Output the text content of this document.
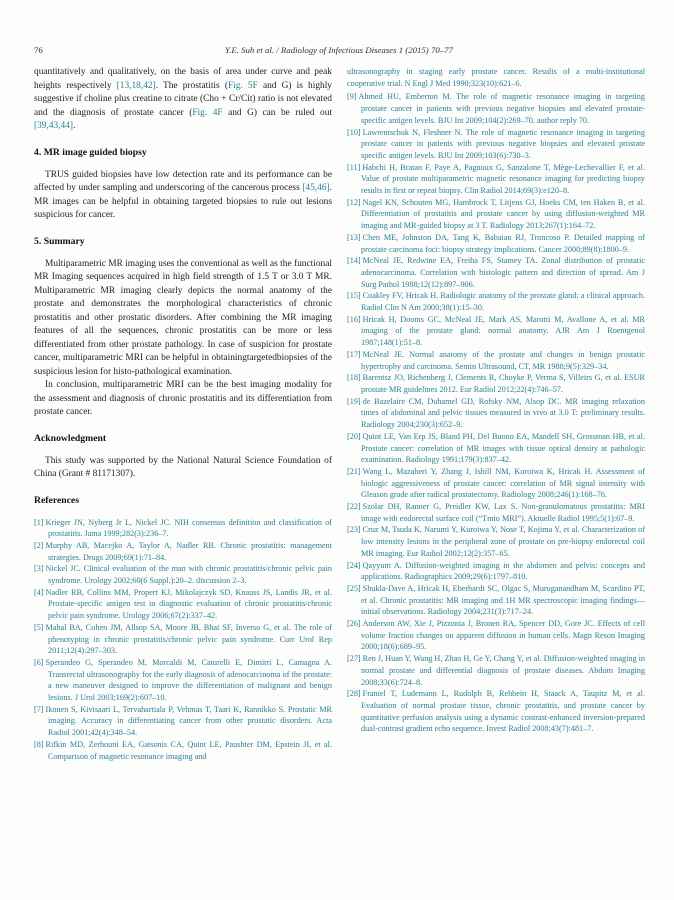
76	Y.E. Suh et al. / Radiology of Infectious Diseases 1 (2015) 70–77

quantitatively and qualitatively, on the basis of area under curve and peak heights respectively [13,18,42]. The prostatitis (Fig. 5F and G) is highly suggestive if choline plus creatine to citrate (Cho + Cr/Cit) ratio is not elevated and the diagnosis of prostate cancer (Fig. 4F and G) can be ruled out [39,43,44].

4. MR image guided biopsy

TRUS guided biopsies have low detection rate and its performance can be affected by under sampling and underscoring of the cancerous process [45,46]. MR images can be helpful in obtaining targeted biopsies to rule out lesions suspicious for cancer.

5. Summary

Multiparametric MR imaging uses the conventional as well as the functional MR Imaging sequences acquired in high field strength of 1.5 T or 3.0 T MR. Multiparametric MR imaging clearly depicts the normal anatomy of the prostate and demonstrates the morphological characteristics of chronic prostatitis and other prostatic disorders. After combining the MR imaging features of all the sequences, chronic prostatitis can be more or less differentiated from other prostate pathology. In case of suspicion for prostate cancer, multiparametric MRI can be helpful in obtainingtargetedbiopsies of the suspicious lesion for histo-pathological examination.

In conclusion, multiparametric MRI can be the best imaging modality for the assessment and diagnosis of chronic prostatitis and its differentiation from prostate cancer.

Acknowledgment

This study was supported by the National Natural Science Foundation of China (Grant # 81171307).

References

[1] Krieger JN, Nyberg Jr L, Nickel JC. NIH consensus definition and classification of prostatitis. Jama 1999;282(3):236–7.

[2] Murphy AB, Macejko A, Taylor A, Nadler RB. Chronic prostatitis: management strategies. Drugs 2009;69(1):71–84.

[3] Nickel JC. Clinical evaluation of the man with chronic prostatitis/chronic pelvic pain syndrome. Urology 2002;60(6 Suppl.):20–2. discussion 2–3.

[4] Nadler RB, Collins MM, Propert KJ, Mikolajczyk SD, Knauss JS, Landis JR, et al. Prostate-specific antigen test in diagnostic evaluation of chronic prostatitis/chronic pelvic pain syndrome. Urology 2006;67(2):337–42.

[5] Mahal BA, Cohen JM, Allsop SA, Moore JB, Bhai SF, Inverso G, et al. The role of phenotyping in chronic prostatitis/chronic pelvic pain syndrome. Curr Urol Rep 2011;12(4):297–303.

[6] Sperandeo G, Sperandeo M, Morcaldi M, Caturelli E, Dimitri L, Camagna A. Transrectal ultrasonography for the early diagnosis of adenocarcinoma of the prostate: a new maneuver designed to improve the differentiation of malignant and benign lesions. J Urol 2003;169(2):607–10.

[7] Ikonen S, Kivisaari L, Tervahartiala P, Vehmas T, Taari K, Rannikko S. Prostatic MR imaging. Accuracy in differentiating cancer from other prostatic disorders. Acta Radiol 2001;42(4):348–54.

[8] Rifkin MD, Zerhouni EA, Gatsonis CA, Quint LE, Paushter DM, Epstein JI, et al. Comparison of magnetic resonance imaging and

ultrasonography in staging early prostate cancer. Results of a multi-institutional cooperative trial. N Engl J Med 1990;323(10):621–6.

[9] Ahmed HU, Emberton M. The role of magnetic resonance imaging in targeting prostate cancer in patients with previous negative biopsies and elevated prostate-specific antigen levels. BJU Int 2009;104(2):269–70. author reply 70.

[10] Lawrentschuk N, Fleshner N. The role of magnetic resonance imaging in targeting prostate cancer in patients with previous negative biopsies and elevated prostate specific antigen levels. BJU Int 2009;103(6):730–3.

[11] Habchi H, Bratan F, Paye A, Pagnoux G, Sanzalone T, Mège-Lechevallier F, et al. Value of prostate multiparametric magnetic resonance imaging for predicting biopsy results in first or repeat biopsy. Clin Radiol 2014;69(3):e120–8.

[12] Nagel KN, Schouten MG, Hambrock T, Litjens GJ, Hoeks CM, ten Haken B, et al. Differentiation of prostatitis and prostate cancer by using diffusion-weighted MR imaging and MR-guided biopsy at 3 T. Radiology 2013;267(1):164–72.

[13] Chen ME, Johnston DA, Tang K, Babaian RJ, Troncoso P. Detailed mapping of prostate carcinoma foci: biopsy strategy implications. Cancer 2000;89(8):1800–9.

[14] McNeal JE, Redwine EA, Freiha FS, Stamey TA. Zonal distribution of prostatic adenocarcinoma. Correlation with histologic pattern and direction of spread. Am J Surg Pathol 1988;12(12):897–906.

[15] Coakley FV, Hricak H. Radiologic anatomy of the prostate gland: a clinical approach. Radiol Clin N Am 2000;38(1):15–30.

[16] Hricak H, Dooms GC, McNeal JE, Mark AS, Marotti M, Avallone A, et al. MR imaging of the prostate gland: normal anatomy. AJR Am J Roentgenol 1987;148(1):51–8.

[17] McNeal JE. Normal anatomy of the prostate and changes in benign prostatic hypertrophy and carcinoma. Semin Ultrasound, CT, MR 1988;9(5):329–34.

[18] Barentsz JO, Richenberg J, Clements R, Choyke P, Verma S, Villeirs G, et al. ESUR prostate MR guidelines 2012. Eur Radiol 2012;22(4):746–57.

[19] de Bazelaire CM, Duhamel GD, Rofsky NM, Alsop DC. MR imaging relaxation times of abdominal and pelvic tissues measured in vivo at 3.0 T: preliminary results. Radiology 2004;230(3):652–9.

[20] Quint LE, Van Erp JS, Bland PH, Del Buono EA, Mandell SH, Grossman HB, et al. Prostate cancer: correlation of MR images with tissue optical density at pathologic examination. Radiology 1991;179(3):837–42.

[21] Wang L, Mazaheri Y, Zhang J, Ishill NM, Kuroiwa K, Hricak H. Assessment of biologic aggressiveness of prostate cancer: correlation of MR signal intensity with Gleason grade after radical prostatectomy. Radiology 2008;246(1):168–76.

[22] Szolar DH, Ranner G, Preidler KW, Lax S. Non-granulomatous prostatitis: MRI image with endorectal surface coil (“Tmio MRI”). Aktuelle Radiol 1995;5(1):67–9.

[23] Cruz M, Tsuda K, Narumi Y, Kuroiwa Y, Nose T, Kojima Y, et al. Characterization of low intensity lesions in the peripheral zone of prostate on pre-biopsy endorectal coil MR imaging. Eur Radiol 2002;12(2):357–65.

[24] Qayyum A. Diffusion-weighted imaging in the abdomen and pelvis: concepts and applications. Radiographics 2009;29(6):1797–810.

[25] Shukla-Dave A, Hricak H, Eberhardt SC, Olgac S, Muruganandham M, Scardino PT, et al. Chronic prostatitis: MR imaging and 1H MR spectroscopic imaging findings—initial observations. Radiology 2004;231(3):717–24.

[26] Anderson AW, Xie J, Pizzonia J, Bronen RA, Spencer DD, Gore JC. Effects of cell volume fraction changes on apparent diffusion in human cells. Magn Reson Imaging 2000;18(6):689–95.

[27] Ren J, Huan Y, Wang H, Zhao H, Ge Y, Chang Y, et al. Diffusion-weighted imaging in normal prostate and differential diagnosis of prostate diseases. Abdom Imaging 2008;33(6):724–8.

[28] Franiel T, Ludemann L, Rudolph B, Rehbein H, Staack A, Taupitz M, et al. Evaluation of normal prostate tissue, chronic prostatitis, and prostate cancer by quantitative perfusion analysis using a dynamic contrast-enhanced inversion-prepared dual-contrast gradient echo sequence. Invest Radiol 2008;43(7):481–7.
